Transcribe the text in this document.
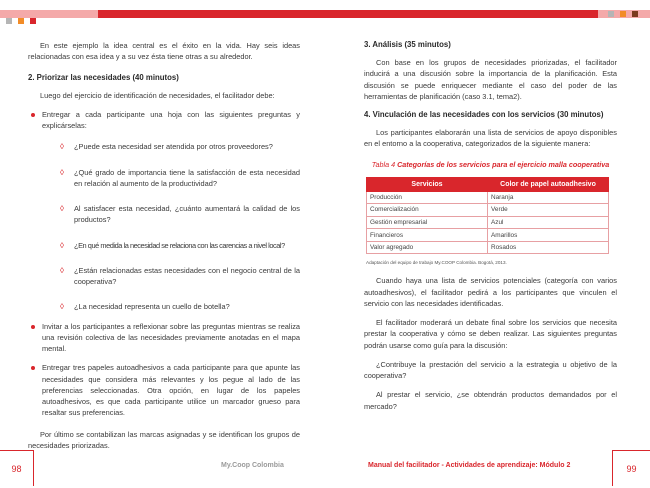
En este ejemplo la idea central es el éxito en la vida. Hay seis ideas relacionadas con esa idea y a su vez ésta tiene otras a su alrededor.

2. Priorizar las necesidades (40 minutos)

Luego del ejercicio de identificación de necesidades, el facilitador debe:

Entregar a cada participante una hoja con las siguientes preguntas y explicárselas:
◊ ¿Puede esta necesidad ser atendida por otros proveedores?
◊ ¿Qué grado de importancia tiene la satisfacción de esta necesidad en relación al aumento de la productividad?
◊ Al satisfacer esta necesidad, ¿cuánto aumentará la calidad de los productos?
◊ ¿En qué medida la necesidad se relaciona con las carencias a nivel local?
◊ ¿Están relacionadas estas necesidades con el negocio central de la cooperativa?
◊ ¿La necesidad representa un cuello de botella?
Invitar a los participantes a reflexionar sobre las preguntas mientras se realiza una revisión colectiva de las necesidades previamente anotadas en el mapa mental.
Entregar tres papeles autoadhesivos a cada participante para que apunte las necesidades que considera más relevantes y los pegue al lado de las preferencias seleccionadas. Otra opción, en lugar de los papeles autoadhesivos, es que cada participante utilice un marcador grueso para resaltar sus preferencias.

Por último se contabilizan las marcas asignadas y se identifican los grupos de necesidades priorizadas.

3. Análisis (35 minutos)

Con base en los grupos de necesidades priorizadas, el facilitador inducirá a una discusión sobre la importancia de la planificación. Esta discusión se puede enriquecer mediante el caso del poder de las herramientas de planificación (caso 3.1, tema2).

4. Vinculación de las necesidades con los servicios (30 minutos)

Los participantes elaborarán una lista de servicios de apoyo disponibles en el entorno a la cooperativa, categorizados de la siguiente manera:

Tabla 4 Categorías de los servicios para el ejercicio malla cooperativa
Servicios	Color de papel autoadhesivo
Producción	Naranja
Comercialización	Verde
Gestión empresarial	Azul
Financieros	Amarillos
Valor agregado	Rosados
Adaptación del equipo de trabajo My.COOP Colombia. Bogotá, 2013.

Cuando haya una lista de servicios potenciales (categoría con varios autoadhesivos), el facilitador pedirá a los participantes que vinculen el servicio con las necesidades identificadas.

El facilitador moderará un debate final sobre los servicios que necesita prestar la cooperativa y cómo se deben realizar. Las siguientes preguntas podrán usarse como guía para la discusión:

¿Contribuye la prestación del servicio a la estrategia u objetivo de la cooperativa?

Al prestar el servicio, ¿se obtendrán productos demandados por el mercado?

98	My.Coop Colombia	Manual del facilitador - Actividades de aprendizaje: Módulo 2	99
